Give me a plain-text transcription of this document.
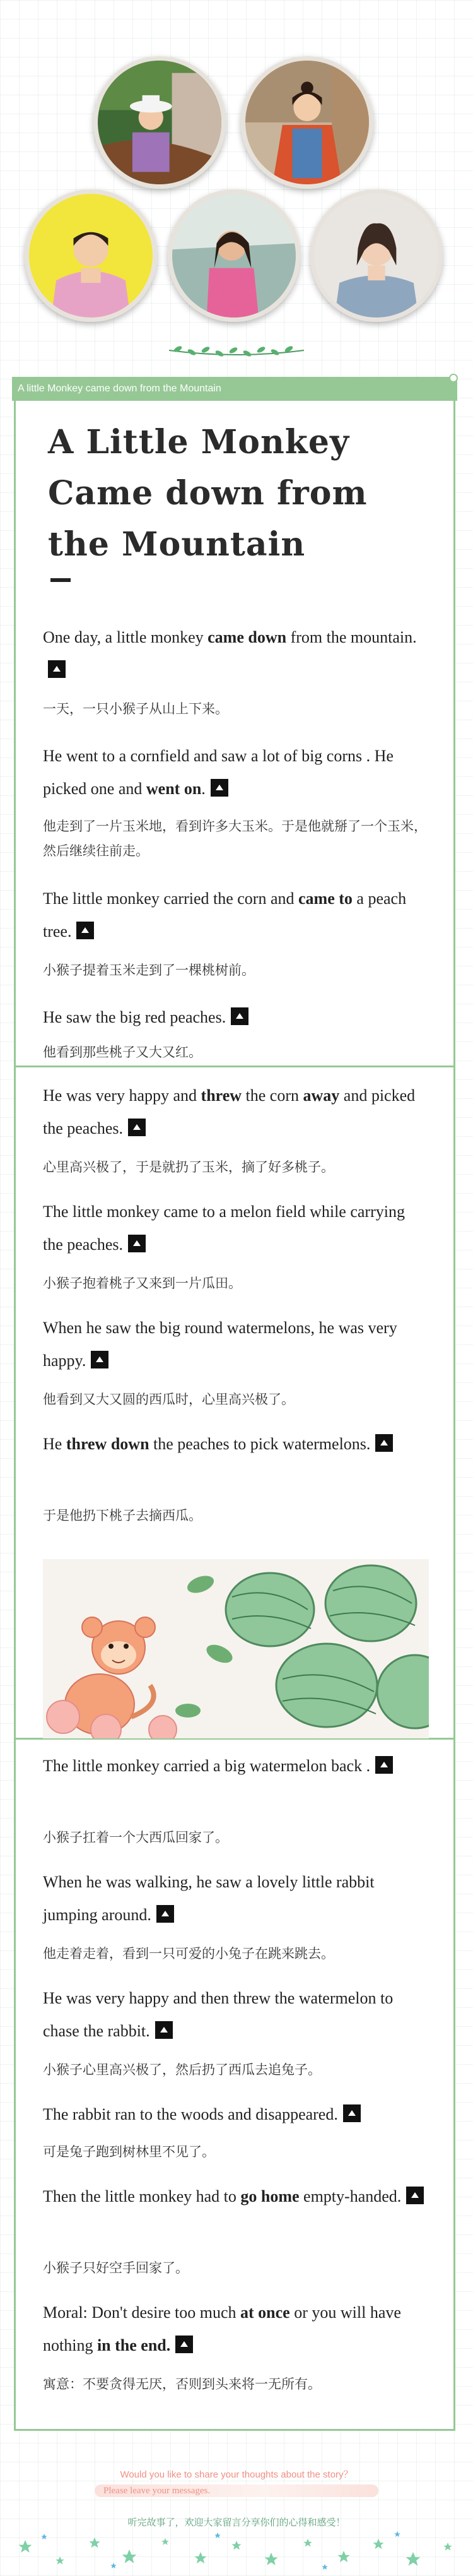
A little Monkey came down from the Mountain
A Little Monkey
Came down from
the Mountain
One day, a little monkey came down from the mountain.
一天，一只小猴子从山上下来。
He went to a cornfield and saw a lot of big corns . He picked one and went on.
他走到了一片玉米地，看到许多大玉米。于是他就掰了一个玉米，然后继续往前走。
The little monkey carried the corn and came to a peach tree.
小猴子提着玉米走到了一棵桃树前。
He saw the big red peaches.
他看到那些桃子又大又红。
He was very happy and threw the corn away and picked the peaches.
心里高兴极了，于是就扔了玉米，摘了好多桃子。
The little monkey came to a melon field while carrying the peaches.
小猴子抱着桃子又来到一片瓜田。
When he saw the big round watermelons, he was very happy.
他看到又大又圆的西瓜时，心里高兴极了。
He threw down the peaches to pick watermelons.
于是他扔下桃子去摘西瓜。
The little monkey carried a big watermelon back .
小猴子扛着一个大西瓜回家了。
When he was walking, he saw a lovely little rabbit jumping around.
他走着走着，看到一只可爱的小兔子在跳来跳去。
He was very happy and then threw the watermelon to chase the rabbit.
小猴子心里高兴极了，然后扔了西瓜去追兔子。
The rabbit ran to the woods and disappeared.
可是兔子跑到树林里不见了。
Then the little monkey had to go home empty-handed.
小猴子只好空手回家了。
Moral: Don't desire too much at once or you will have nothing in the end.
寓意：不要贪得无厌，否则到头来将一无所有。
Would you like to share your thoughts about the story？
Please leave your messages.
听完故事了，欢迎大家留言分享你们的心得和感受！
